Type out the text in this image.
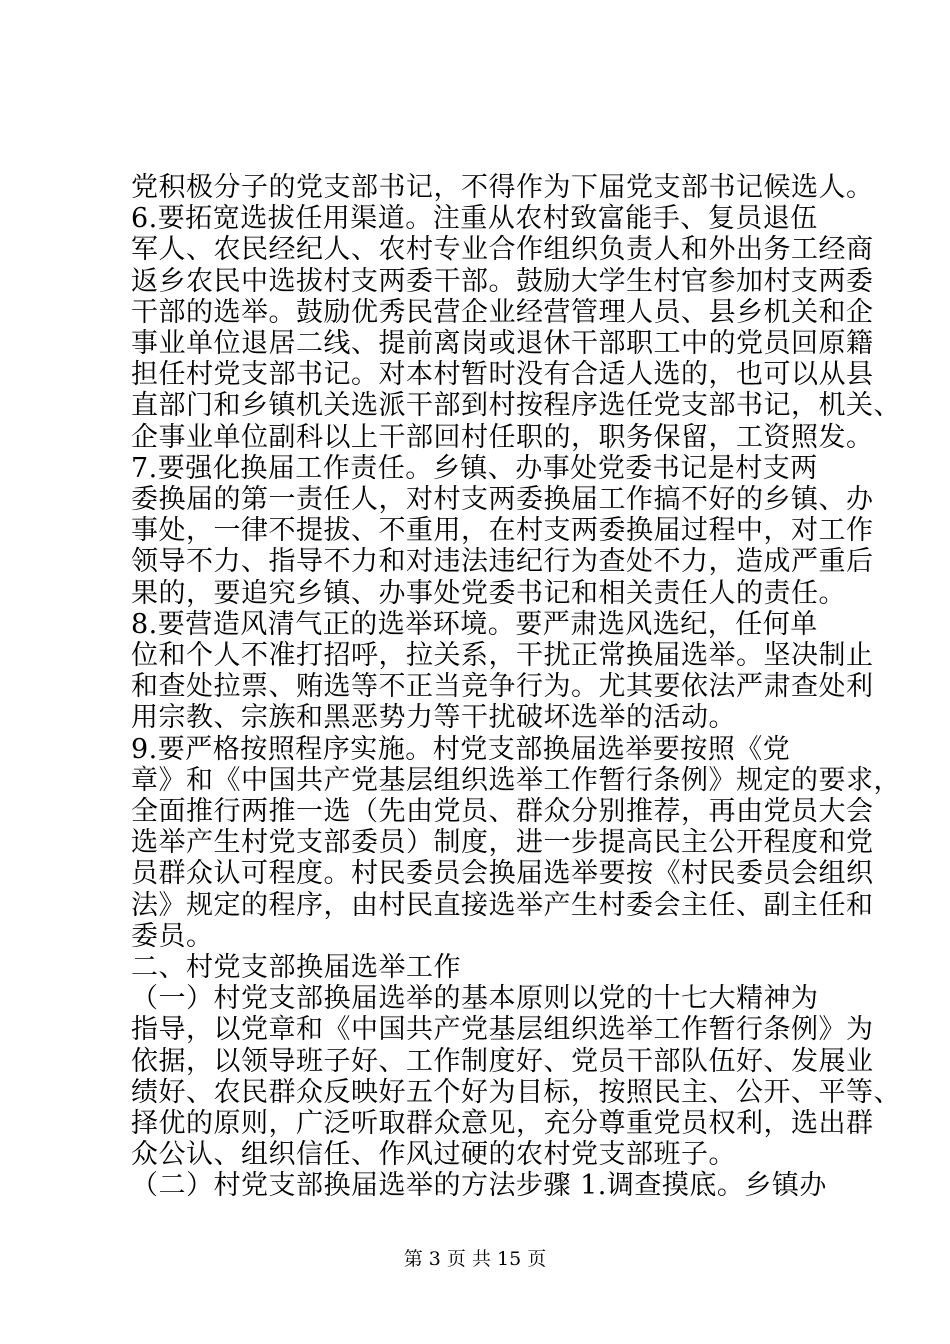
党积极分子的党支部书记，不得作为下届党支部书记候选人。
6.要拓宽选拔任用渠道。注重从农村致富能手、复员退伍
军人、农民经纪人、农村专业合作组织负责人和外出务工经商
返乡农民中选拔村支两委干部。鼓励大学生村官参加村支两委
干部的选举。鼓励优秀民营企业经营管理人员、县乡机关和企
事业单位退居二线、提前离岗或退休干部职工中的党员回原籍
担任村党支部书记。对本村暂时没有合适人选的，也可以从县
直部门和乡镇机关选派干部到村按程序选任党支部书记，机关、
企事业单位副科以上干部回村任职的，职务保留，工资照发。
7.要强化换届工作责任。乡镇、办事处党委书记是村支两
委换届的第一责任人，对村支两委换届工作搞不好的乡镇、办
事处，一律不提拔、不重用，在村支两委换届过程中，对工作
领导不力、指导不力和对违法违纪行为查处不力，造成严重后
果的，要追究乡镇、办事处党委书记和相关责任人的责任。
8.要营造风清气正的选举环境。要严肃选风选纪，任何单
位和个人不准打招呼，拉关系，干扰正常换届选举。坚决制止
和查处拉票、贿选等不正当竞争行为。尤其要依法严肃查处利
用宗教、宗族和黑恶势力等干扰破坏选举的活动。
9.要严格按照程序实施。村党支部换届选举要按照《党
章》和《中国共产党基层组织选举工作暂行条例》规定的要求，
全面推行两推一选（先由党员、群众分别推荐，再由党员大会
选举产生村党支部委员）制度，进一步提高民主公开程度和党
员群众认可程度。村民委员会换届选举要按《村民委员会组织
法》规定的程序，由村民直接选举产生村委会主任、副主任和
委员。
二、村党支部换届选举工作
（一）村党支部换届选举的基本原则以党的十七大精神为
指导，以党章和《中国共产党基层组织选举工作暂行条例》为
依据，以领导班子好、工作制度好、党员干部队伍好、发展业
绩好、农民群众反映好五个好为目标，按照民主、公开、平等、
择优的原则，广泛听取群众意见，充分尊重党员权利，选出群
众公认、组织信任、作风过硬的农村党支部班子。
（二）村党支部换届选举的方法步骤 1.调查摸底。乡镇办
第 3 页 共 15 页
